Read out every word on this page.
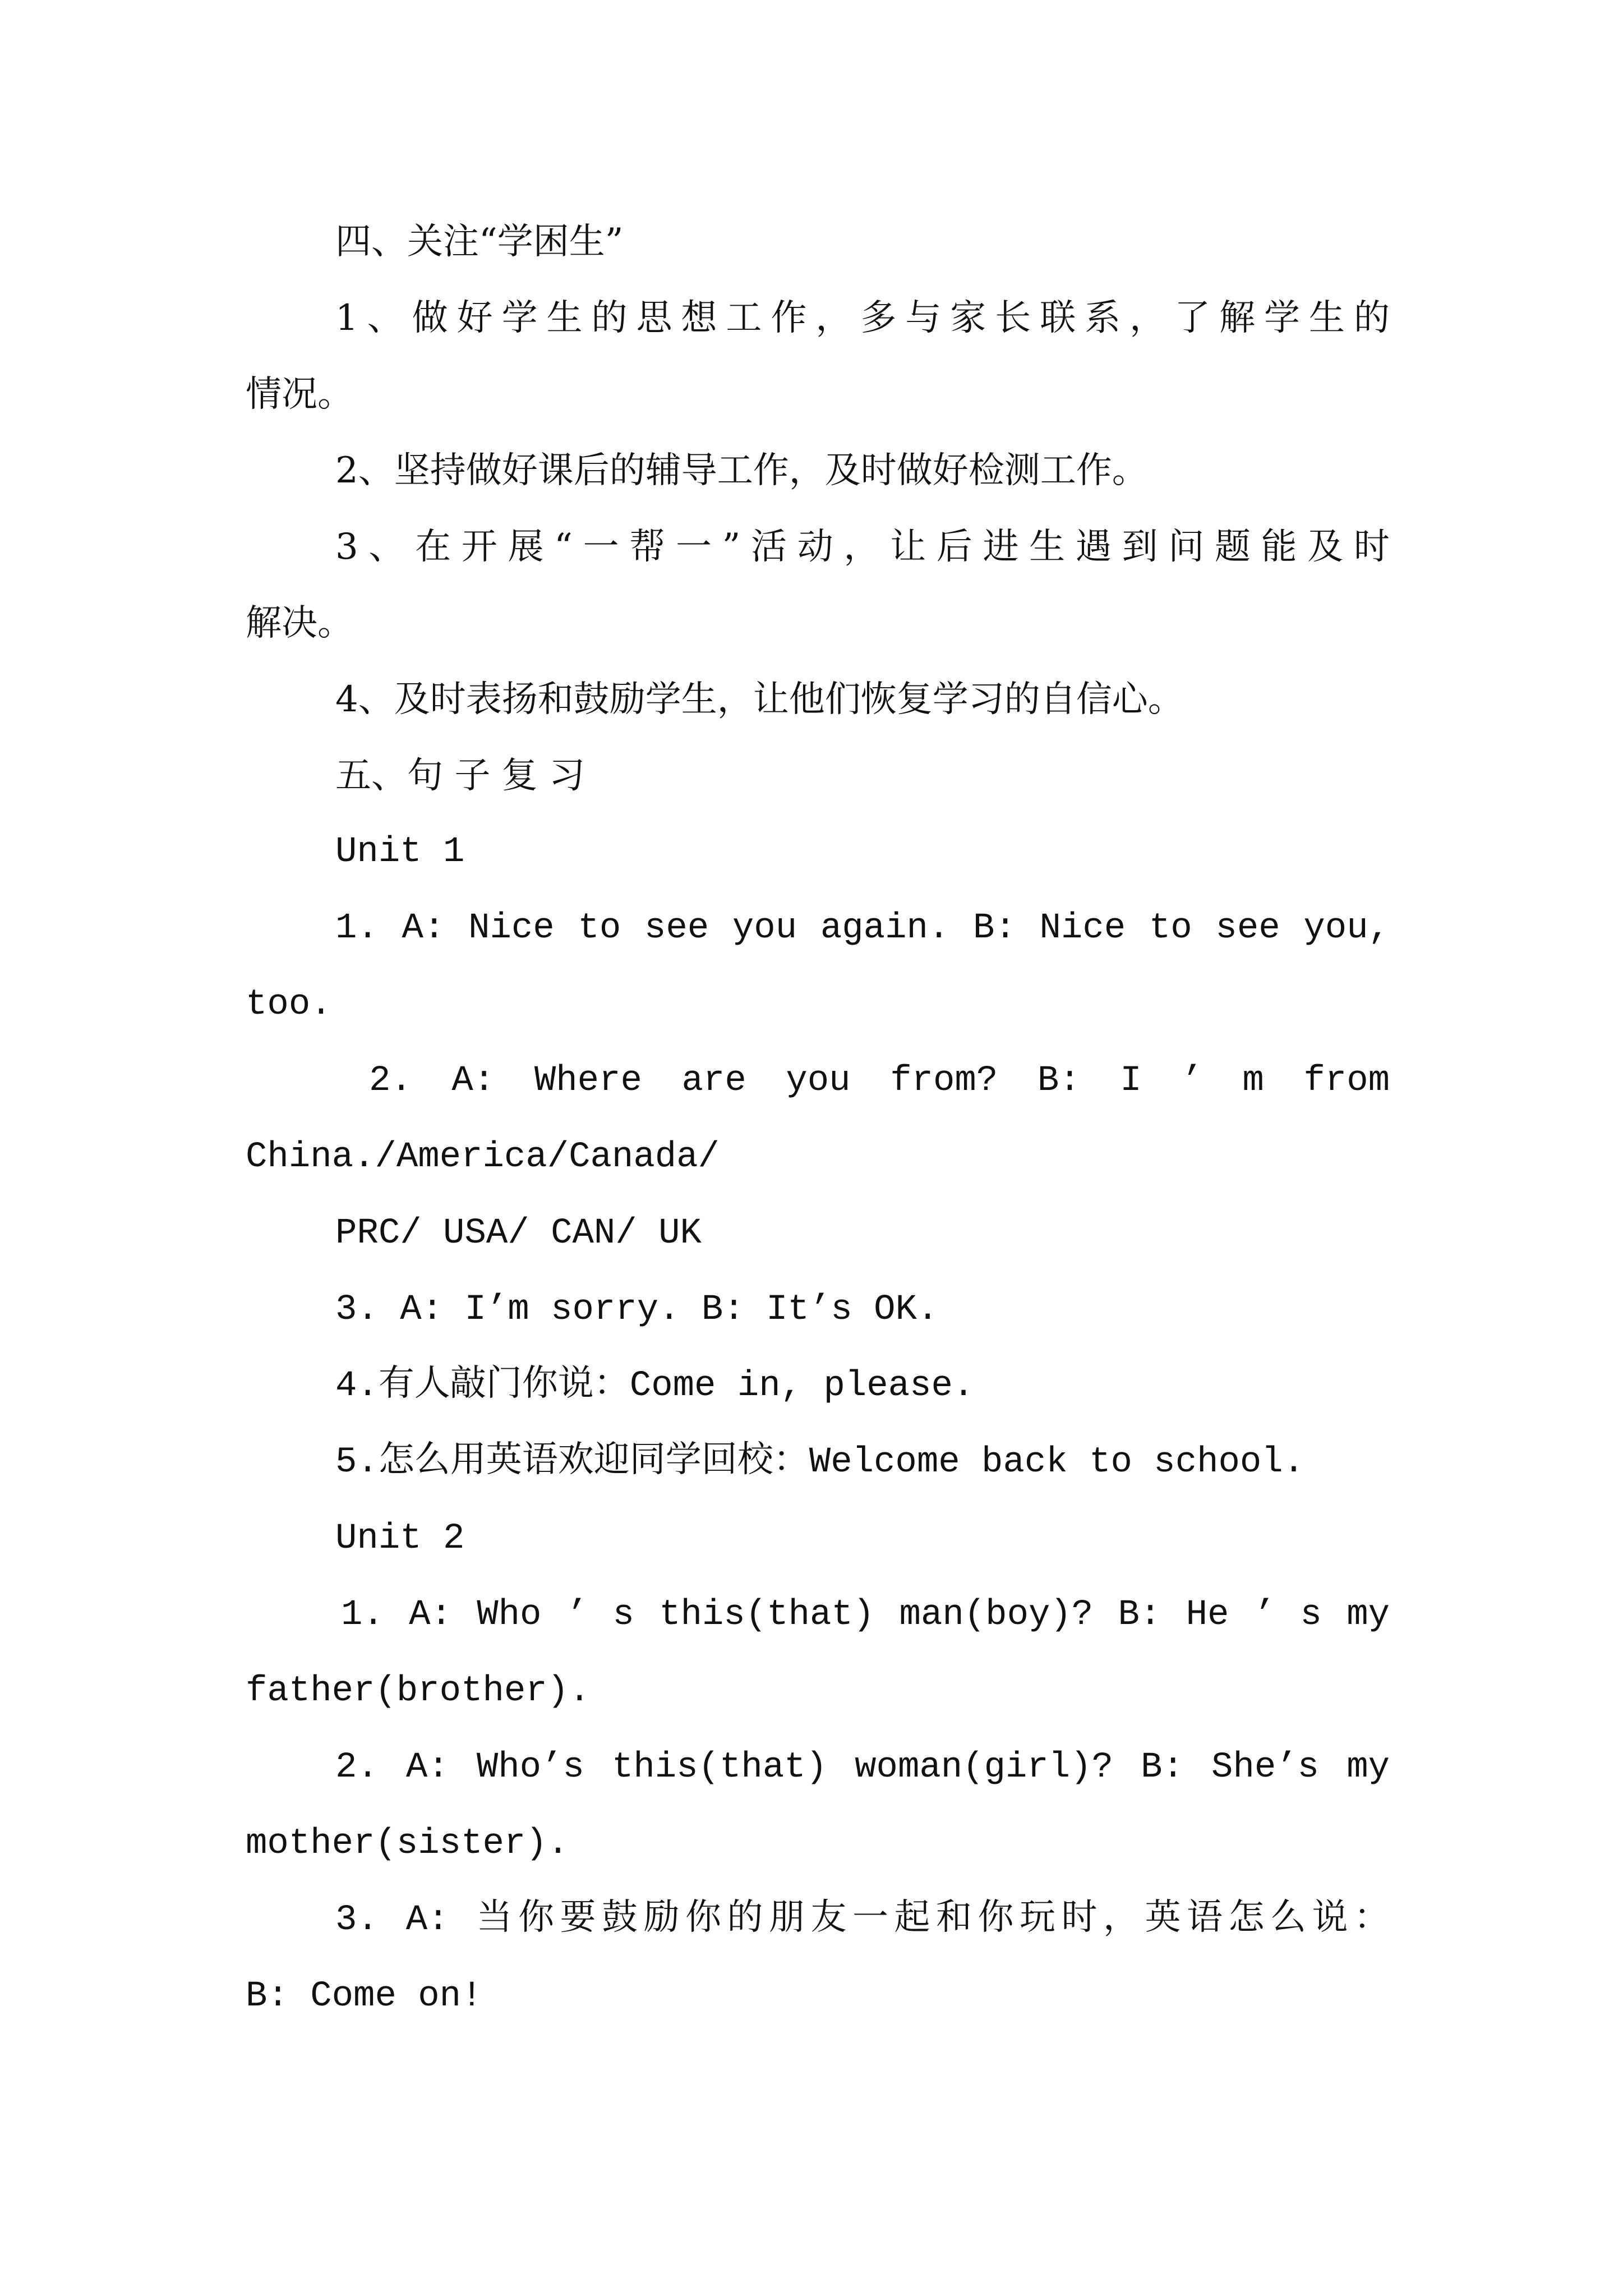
四、关注“学困生”
1、做好学生的思想工作，多与家长联系，了解学生的
情况。
2、坚持做好课后的辅导工作，及时做好检测工作。
3、在开展“一帮一”活动，让后进生遇到问题能及时
解决。
4、及时表扬和鼓励学生，让他们恢复学习的自信心。
五、句 子 复 习
Unit 1
1. A: Nice to see you again. B: Nice to see you,
too.
2. A: Where are you from? B: I ’ m from
China./America/Canada/
PRC/ USA/ CAN/ UK
3. A: I’m sorry. B: It’s OK.
4.有人敲门你说：Come in, please.
5.怎么用英语欢迎同学回校：Welcome back to school.
Unit 2
1. A: Who ’ s this(that) man(boy)? B: He ’ s my
father(brother).
2. A: Who’s this(that) woman(girl)? B: She’s my
mother(sister).
3. A: 当你要鼓励你的朋友一起和你玩时，英语怎么说：
B: Come on!
